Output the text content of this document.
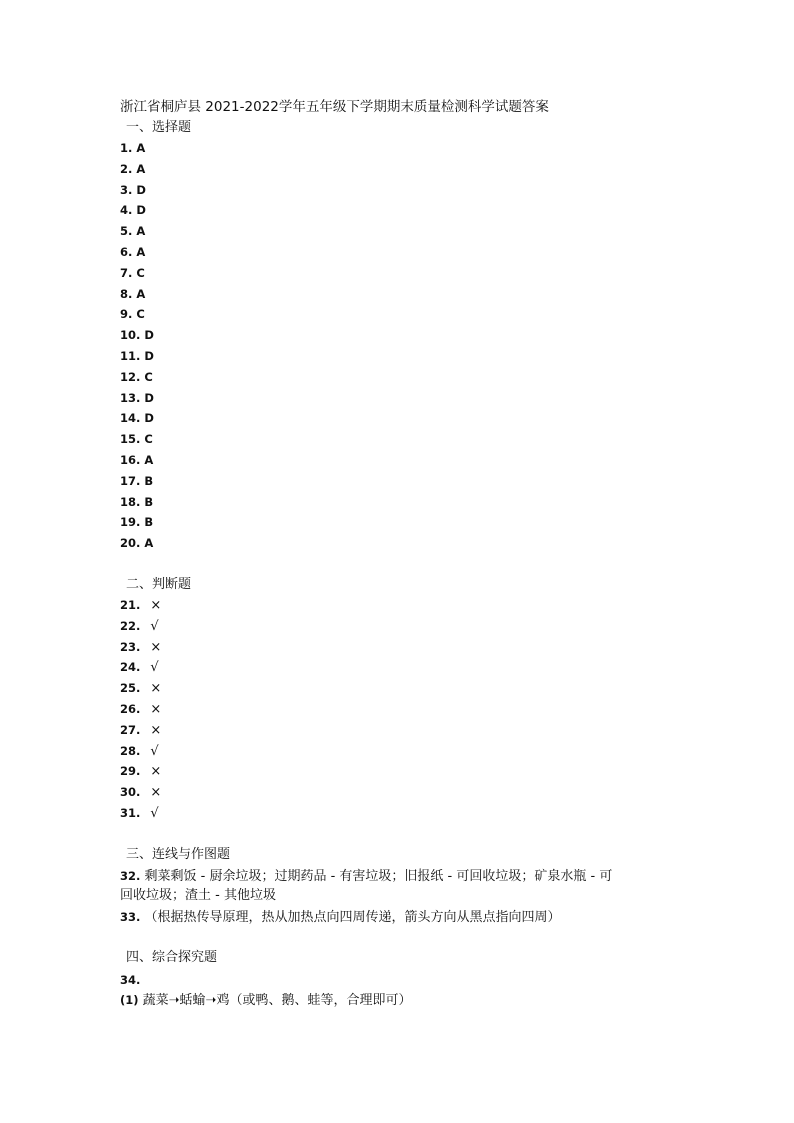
浙江省桐庐县 2021-2022学年五年级下学期期末质量检测科学试题答案
一、选择题
1. A
2. A
3. D
4. D
5. A
6. A
7. C
8. A
9. C
10. D
11. D
12. C
13. D
14. D
15. C
16. A
17. B
18. B
19. B
20. A
二、判断题
21. ×
22. √
23. ×
24. √
25. ×
26. ×
27. ×
28. √
29. ×
30. ×
31. √
三、连线与作图题
32. 剩菜剩饭 - 厨余垃圾；过期药品 - 有害垃圾；旧报纸 - 可回收垃圾；矿泉水瓶 - 可
回收垃圾；渣土 - 其他垃圾
33. （根据热传导原理，热从加热点向四周传递，箭头方向从黑点指向四周）
四、综合探究题
34.
(1) 蔬菜➝蛞蝓➝鸡（或鸭、鹅、蛙等，合理即可）
